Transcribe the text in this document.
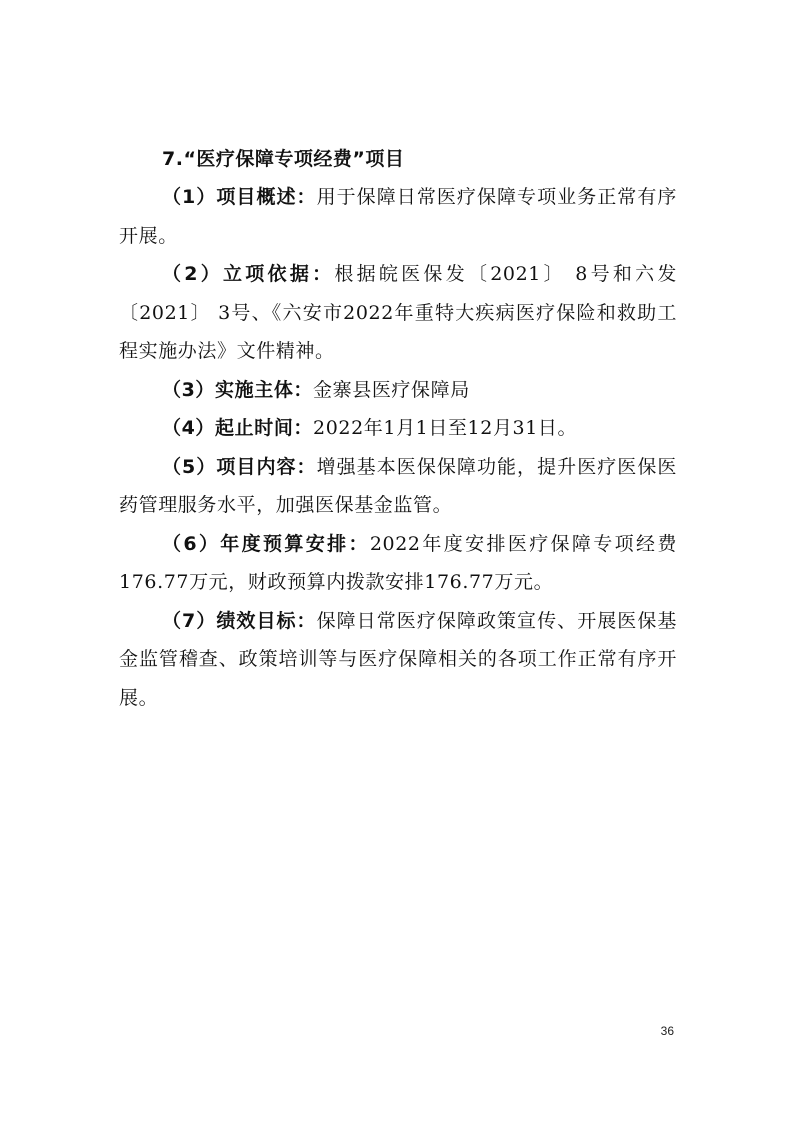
7.“医疗保障专项经费”项目

（1）项目概述：用于保障日常医疗保障专项业务正常有序开展。

（2）立项依据：根据皖医保发〔2021〕 8号和六发〔2021〕 3号、《六安市2022年重特大疾病医疗保险和救助工程实施办法》文件精神。

（3）实施主体：金寨县医疗保障局

（4）起止时间：2022年1月1日至12月31日。

（5）项目内容：增强基本医保保障功能，提升医疗医保医药管理服务水平，加强医保基金监管。

（6）年度预算安排：2022年度安排医疗保障专项经费176.77万元，财政预算内拨款安排176.77万元。

（7）绩效目标：保障日常医疗保障政策宣传、开展医保基金监管稽查、政策培训等与医疗保障相关的各项工作正常有序开展。

36
